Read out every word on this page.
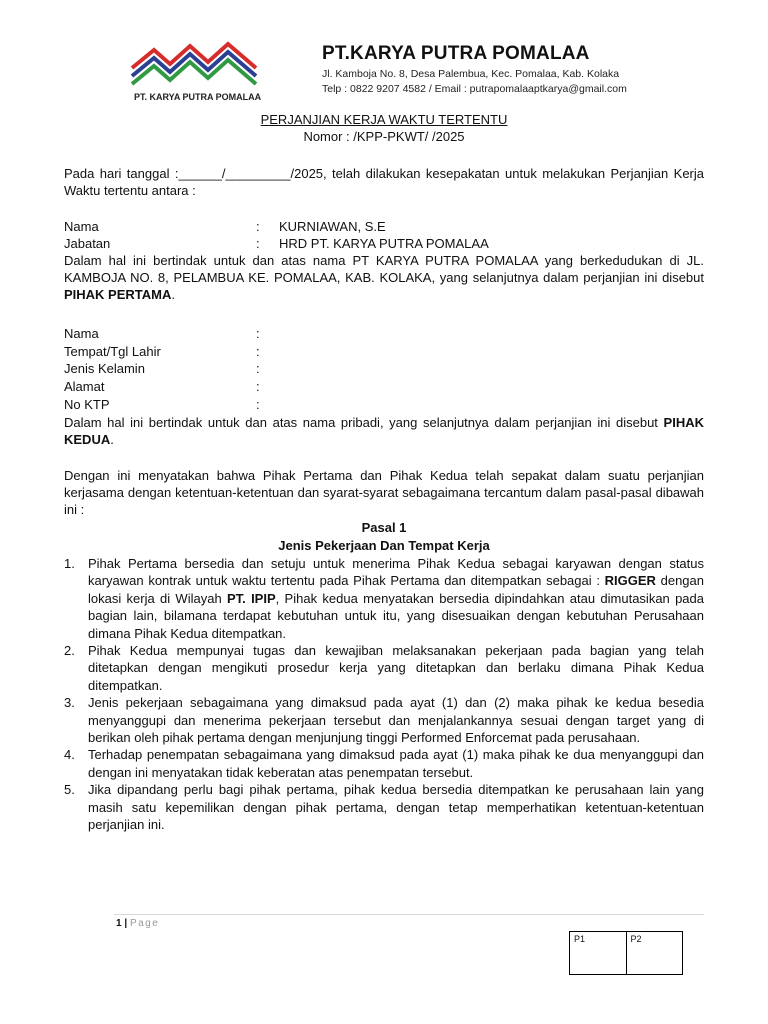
PT. KARYA PUTRA POMALAA
PT.KARYA PUTRA POMALAA
Jl. Kamboja No. 8, Desa Palembua, Kec. Pomalaa, Kab. Kolaka
Telp : 0822 9207 4582 / Email : putrapomalaaptkarya@gmail.com
PERJANJIAN KERJA WAKTU TERTENTU
Nomor : /KPP-PKWT/ /2025
Pada hari tanggal :______/_________/2025, telah dilakukan kesepakatan untuk melakukan Perjanjian Kerja Waktu tertentu antara :
Nama	: KURNIAWAN, S.E
Jabatan	: HRD PT. KARYA PUTRA POMALAA
Dalam hal ini bertindak untuk dan atas nama PT KARYA PUTRA POMALAA yang berkedudukan di JL. KAMBOJA NO. 8, PELAMBUA KE. POMALAA, KAB. KOLAKA, yang selanjutnya dalam perjanjian ini disebut PIHAK PERTAMA.
Nama	:
Tempat/Tgl Lahir	:
Jenis Kelamin	:
Alamat	:
No KTP	:
Dalam hal ini bertindak untuk dan atas nama pribadi, yang selanjutnya dalam perjanjian ini disebut PIHAK KEDUA.
Dengan ini menyatakan bahwa Pihak Pertama dan Pihak Kedua telah sepakat dalam suatu perjanjian kerjasama dengan ketentuan-ketentuan dan syarat-syarat sebagaimana tercantum dalam pasal-pasal dibawah ini :
Pasal 1
Jenis Pekerjaan Dan Tempat Kerja
1. Pihak Pertama bersedia dan setuju untuk menerima Pihak Kedua sebagai karyawan dengan status karyawan kontrak untuk waktu tertentu pada Pihak Pertama dan ditempatkan sebagai : RIGGER dengan lokasi kerja di Wilayah PT. IPIP, Pihak kedua menyatakan bersedia dipindahkan atau dimutasikan pada bagian lain, bilamana terdapat kebutuhan untuk itu, yang disesuaikan dengan kebutuhan Perusahaan dimana Pihak Kedua ditempatkan.
2. Pihak Kedua mempunyai tugas dan kewajiban melaksanakan pekerjaan pada bagian yang telah ditetapkan dengan mengikuti prosedur kerja yang ditetapkan dan berlaku dimana Pihak Kedua ditempatkan.
3. Jenis pekerjaan sebagaimana yang dimaksud pada ayat (1) dan (2) maka pihak ke kedua besedia menyanggupi dan menerima pekerjaan tersebut dan menjalankannya sesuai dengan target yang di berikan oleh pihak pertama dengan menjunjung tinggi Performed Enforcemat pada perusahaan.
4. Terhadap penempatan sebagaimana yang dimaksud pada ayat (1) maka pihak ke dua menyanggupi dan dengan ini menyatakan tidak keberatan atas penempatan tersebut.
5. Jika dipandang perlu bagi pihak pertama, pihak kedua bersedia ditempatkan ke perusahaan lain yang masih satu kepemilikan dengan pihak pertama, dengan tetap memperhatikan ketentuan-ketentuan perjanjian ini.
1 | Page
P1	P2
